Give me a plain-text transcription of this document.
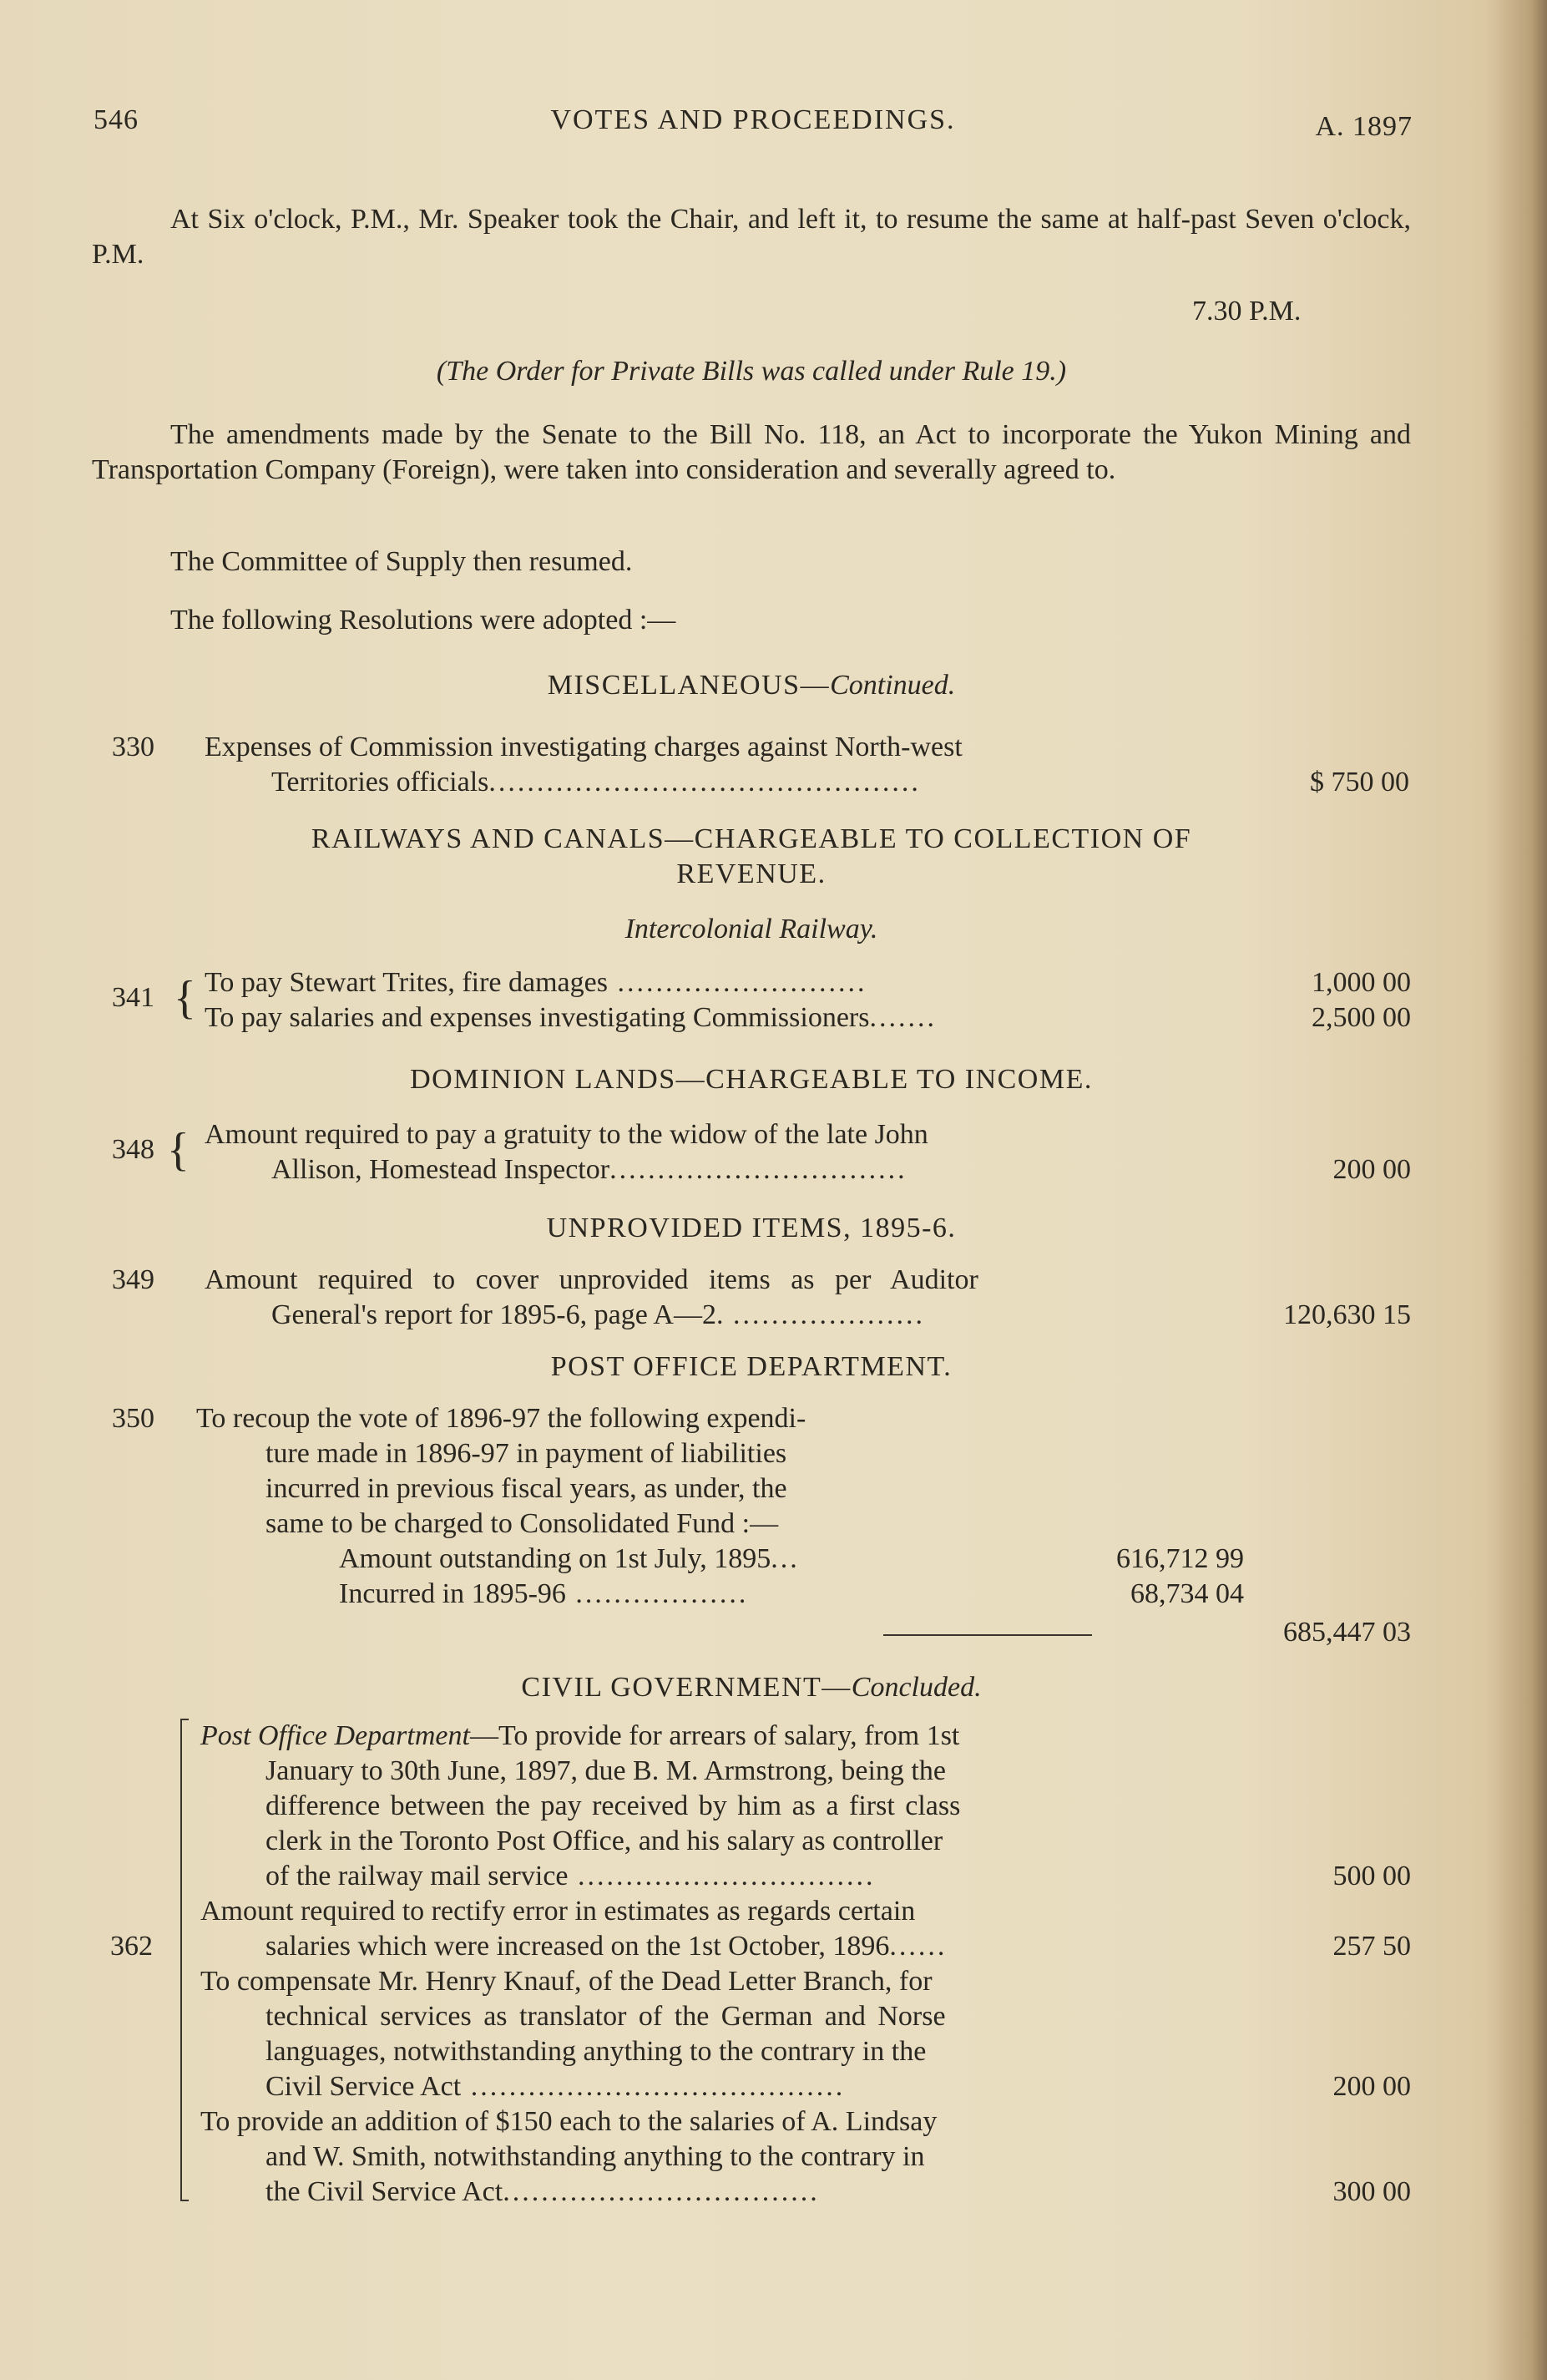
546	VOTES AND PROCEEDINGS.	A. 1897

At Six o'clock, P.M., Mr. Speaker took the Chair, and left it, to resume the same at half-past Seven o'clock, P.M.

7.30 P.M.
(The Order for Private Bills was called under Rule 19.)

The amendments made by the Senate to the Bill No. 118, an Act to incorporate the Yukon Mining and Transportation Company (Foreign), were taken into consideration and severally agreed to.

The Committee of Supply then resumed.
The following Resolutions were adopted :—
MISCELLANEOUS—Continued.
330 Expenses of Commission investigating charges against North-west
Territories officials.............................................	$ 750 00
RAILWAYS AND CANALS—CHARGEABLE TO COLLECTION OF
REVENUE.
Intercolonial Railway.
To pay Stewart Trites, fire damages ..........................	1,000 00
To pay salaries and expenses investigating Commissioners.......	2,500 00
341 {
DOMINION LANDS—CHARGEABLE TO INCOME.
Amount required to pay a gratuity to the widow of the late John
Allison, Homestead Inspector...............................	200 00
348 {
UNPROVIDED ITEMS, 1895-6.
349 Amount required to cover unprovided items as per Auditor
General's report for 1895-6, page A—2. ....................	120,630 15
POST OFFICE DEPARTMENT.
350 To recoup the vote of 1896-97 the following expendi-
ture made in 1896-97 in payment of liabilities
incurred in previous fiscal years, as under, the
same to be charged to Consolidated Fund :—
Amount outstanding on 1st July, 1895...	616,712 99
Incurred in 1895-96 ..................	68,734 04
685,447 03
CIVIL GOVERNMENT—Concluded.
Post Office Department—To provide for arrears of salary, from 1st
January to 30th June, 1897, due B. M. Armstrong, being the
difference between the pay received by him as a first class
clerk in the Toronto Post Office, and his salary as controller
of the railway mail service ...............................	500 00
Amount required to rectify error in estimates as regards certain
362	salaries which were increased on the 1st October, 1896......	257 50
To compensate Mr. Henry Knauf, of the Dead Letter Branch, for
technical services as translator of the German and Norse
languages, notwithstanding anything to the contrary in the
Civil Service Act .......................................	200 00
To provide an addition of $150 each to the salaries of A. Lindsay
and W. Smith, notwithstanding anything to the contrary in
the Civil Service Act.................................	300 00
